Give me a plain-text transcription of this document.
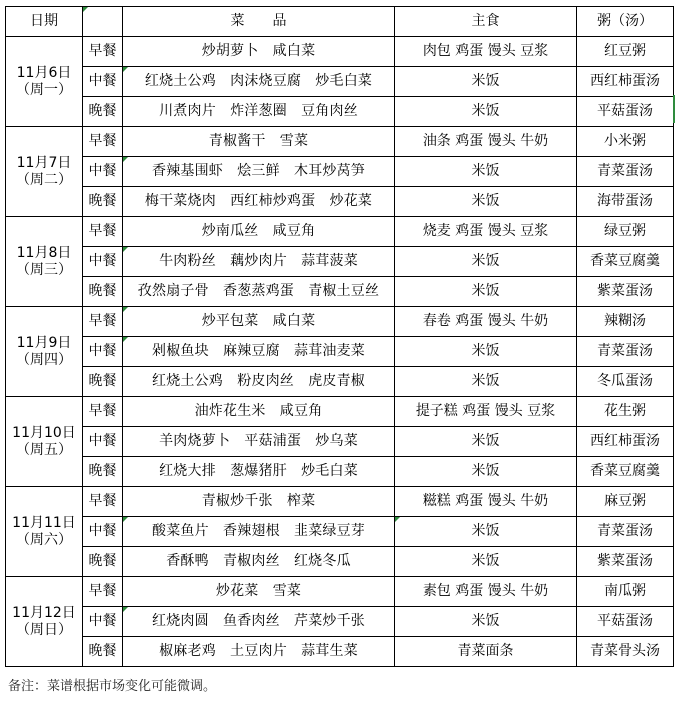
日期		菜　　品	主食	粥（汤）

11月6日
（周一）	早餐	炒胡萝卜　咸白菜	肉包 鸡蛋 馒头 豆浆	红豆粥
	中餐	红烧土公鸡　肉沫烧豆腐　炒毛白菜	米饭	西红柿蛋汤
	晚餐	川煮肉片　炸洋葱圈　豆角肉丝	米饭	平菇蛋汤

11月7日
（周二）	早餐	青椒酱干　雪菜	油条 鸡蛋 馒头 牛奶	小米粥
	中餐	香辣基围虾　烩三鲜　木耳炒莴笋	米饭	青菜蛋汤
	晚餐	梅干菜烧肉　西红柿炒鸡蛋　炒花菜	米饭	海带蛋汤

11月8日
（周三）	早餐	炒南瓜丝　咸豆角	烧麦 鸡蛋 馒头 豆浆	绿豆粥
	中餐	牛肉粉丝　藕炒肉片　蒜茸菠菜	米饭	香菜豆腐羹
	晚餐	孜然扇子骨　香葱蒸鸡蛋　青椒土豆丝	米饭	紫菜蛋汤

11月9日
（周四）	早餐	炒平包菜　咸白菜	春卷 鸡蛋 馒头 牛奶	辣糊汤
	中餐	剁椒鱼块　麻辣豆腐　蒜茸油麦菜	米饭	青菜蛋汤
	晚餐	红烧土公鸡　粉皮肉丝　虎皮青椒	米饭	冬瓜蛋汤

11月10日
（周五）	早餐	油炸花生米　咸豆角	提子糕 鸡蛋 馒头 豆浆	花生粥
	中餐	羊肉烧萝卜　平菇浦蛋　炒乌菜	米饭	西红柿蛋汤
	晚餐	红烧大排　葱爆猪肝　炒毛白菜	米饭	香菜豆腐羹

11月11日
（周六）	早餐	青椒炒千张　榨菜	糍糕 鸡蛋 馒头 牛奶	麻豆粥
	中餐	酸菜鱼片　香辣翅根　韭菜绿豆芽	米饭	青菜蛋汤
	晚餐	香酥鸭　青椒肉丝　红烧冬瓜	米饭	紫菜蛋汤

11月12日
（周日）	早餐	炒花菜　雪菜	素包 鸡蛋 馒头 牛奶	南瓜粥
	中餐	红烧肉圆　鱼香肉丝　芹菜炒千张	米饭	平菇蛋汤
	晚餐	椒麻老鸡　土豆肉片　蒜茸生菜	青菜面条	青菜骨头汤
备注：菜谱根据市场变化可能微调。
